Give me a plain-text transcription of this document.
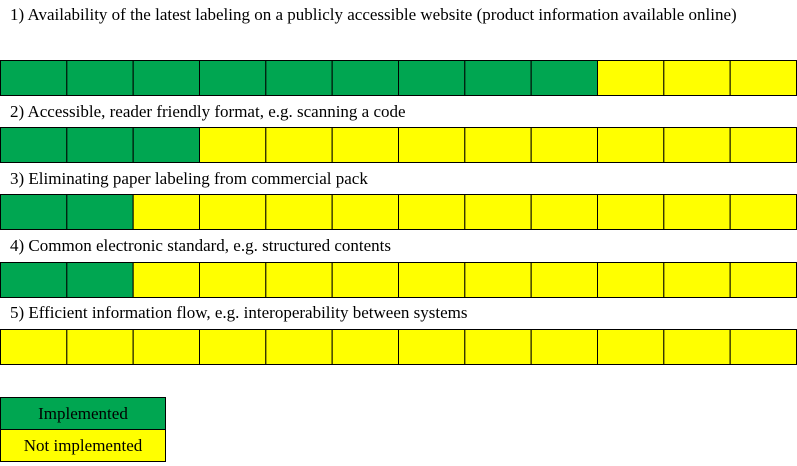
1) Availability of the latest labeling on a publicly accessible website (product information available online)

2) Accessible, reader friendly format, e.g. scanning a code

3) Eliminating paper labeling from commercial pack

4) Common electronic standard, e.g. structured contents

5) Efficient information flow, e.g. interoperability between systems

Implemented
Not implemented
